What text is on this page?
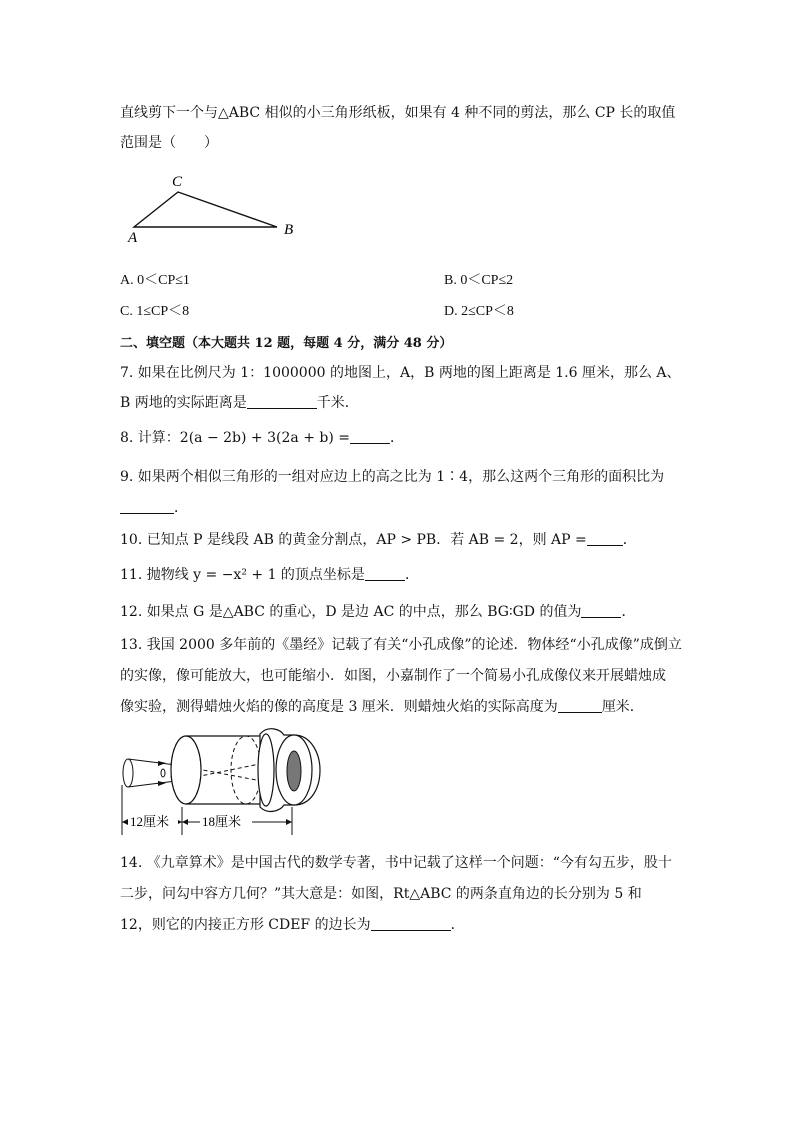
直线剪下一个与△ABC 相似的小三角形纸板，如果有 4 种不同的剪法，那么 CP 长的取值
范围是（　　）
C
A	B
A. 0＜CP≤1	B. 0＜CP≤2
C. 1≤CP＜8	D. 2≤CP＜8
二、填空题（本大题共 12 题，每题 4 分，满分 48 分）
7. 如果在比例尺为 1：1000000 的地图上，A，B 两地的图上距离是 1.6 厘米，那么 A、
B 两地的实际距离是	千米．
8. 计算：2(a − 2b) + 3(2a + b) =	．
9. 如果两个相似三角形的一组对应边上的高之比为 1∶4，那么这两个三角形的面积比为
．
10. 已知点 P 是线段 AB 的黄金分割点，AP > PB．若 AB = 2，则 AP =	．
11. 抛物线 y = −x² + 1 的顶点坐标是	．
12. 如果点 G 是△ABC 的重心，D 是边 AC 的中点，那么 BG∶GD 的值为	．
13. 我国 2000 多年前的《墨经》记载了有关“小孔成像”的论述．物体经“小孔成像”成倒立
的实像，像可能放大，也可能缩小．如图，小嘉制作了一个简易小孔成像仪来开展蜡烛成
像实验，测得蜡烛火焰的像的高度是 3 厘米．则蜡烛火焰的实际高度为	厘米．
12厘米	18厘米
14. 《九章算术》是中国古代的数学专著，书中记载了这样一个问题：“今有勾五步，股十
二步，问勾中容方几何？”其大意是：如图，Rt△ABC 的两条直角边的长分别为 5 和
12，则它的内接正方形 CDEF 的边长为	．
